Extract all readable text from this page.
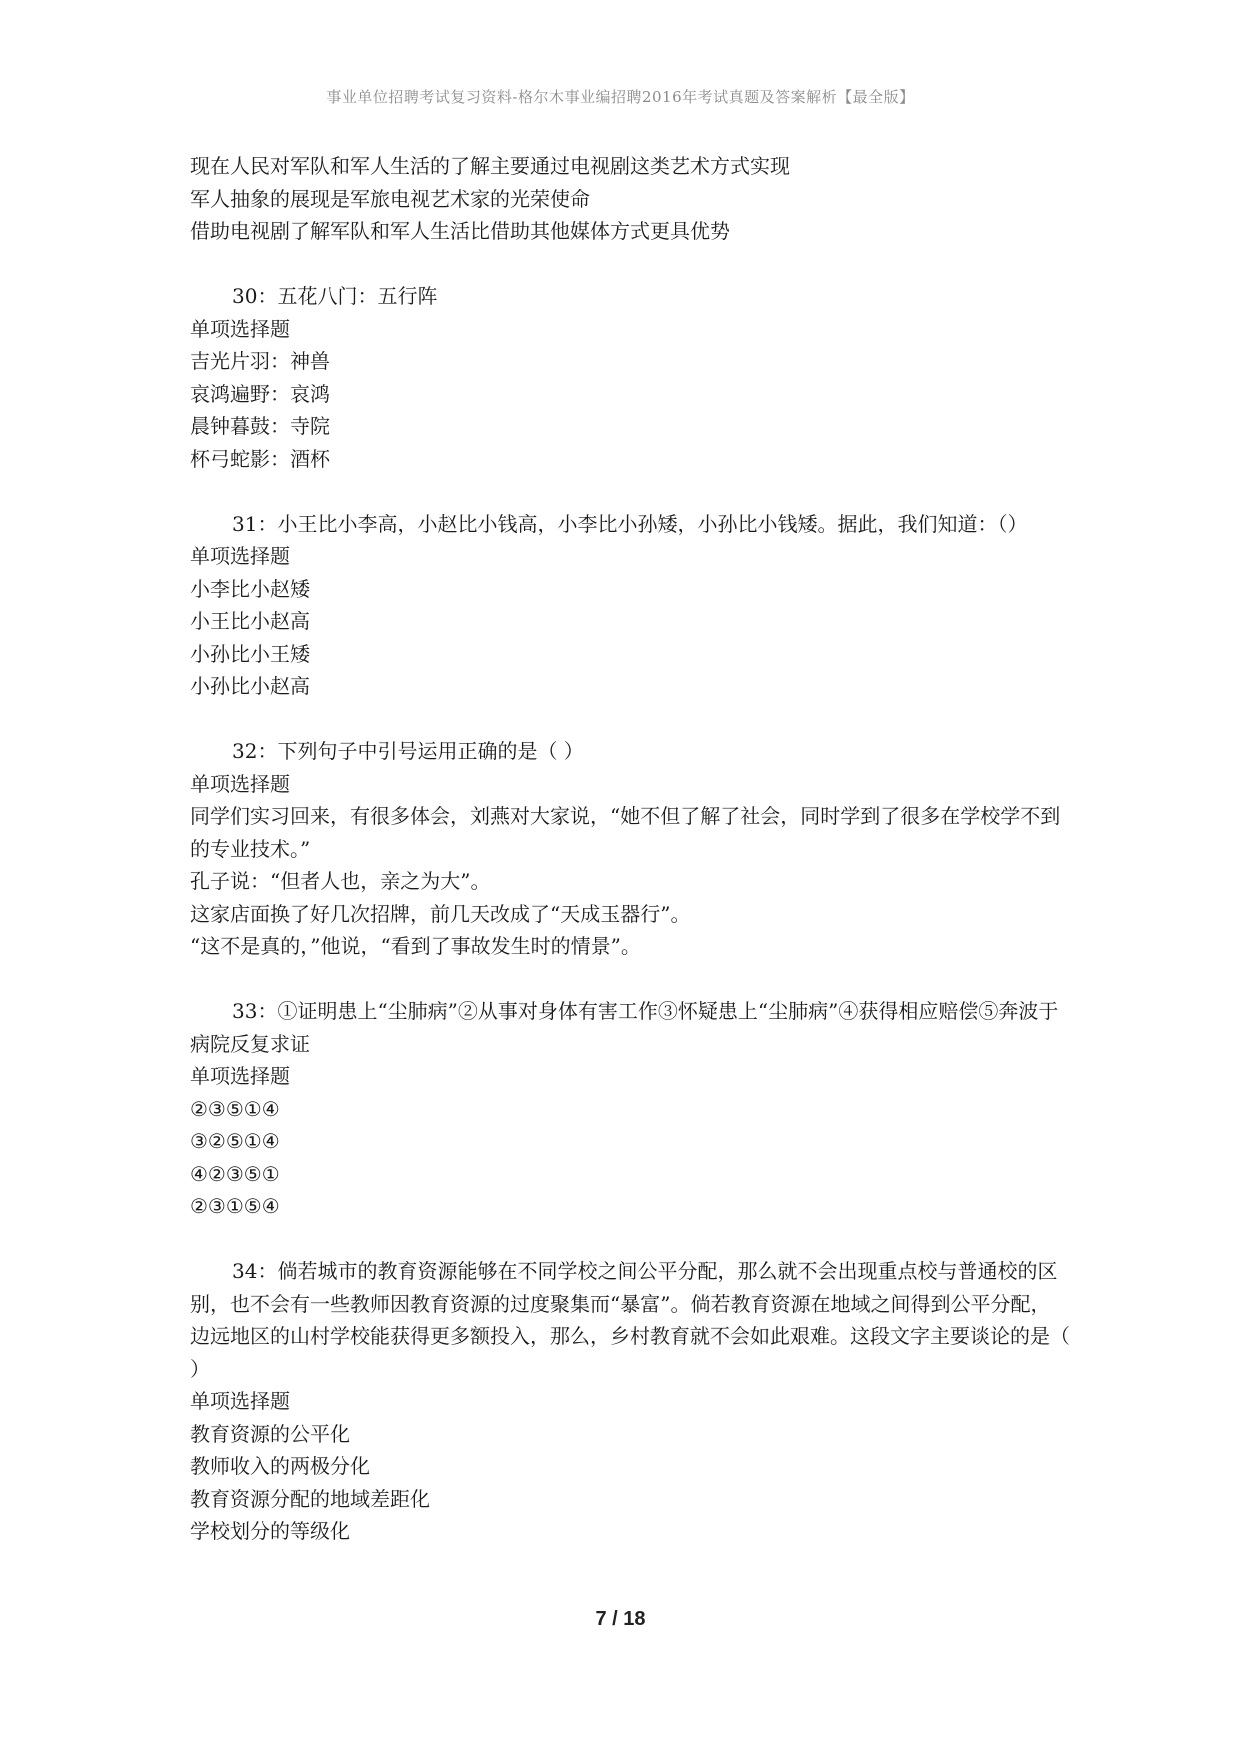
事业单位招聘考试复习资料-格尔木事业编招聘2016年考试真题及答案解析【最全版】
现在人民对军队和军人生活的了解主要通过电视剧这类艺术方式实现
军人抽象的展现是军旅电视艺术家的光荣使命
借助电视剧了解军队和军人生活比借助其他媒体方式更具优势
30：五花八门：五行阵
单项选择题
吉光片羽：神兽
哀鸿遍野：哀鸿
晨钟暮鼓：寺院
杯弓蛇影：酒杯
31：小王比小李高，小赵比小钱高，小李比小孙矮，小孙比小钱矮。据此，我们知道：（）
单项选择题
小李比小赵矮
小王比小赵高
小孙比小王矮
小孙比小赵高
32：下列句子中引号运用正确的是（ ）
单项选择题
同学们实习回来，有很多体会，刘燕对大家说，“她不但了解了社会，同时学到了很多在学校学不到的专业技术。”
孔子说：“但者人也，亲之为大”。
这家店面换了好几次招牌，前几天改成了“天成玉器行”。
“这不是真的，”他说，“看到了事故发生时的情景”。
33：①证明患上“尘肺病”②从事对身体有害工作③怀疑患上“尘肺病”④获得相应赔偿⑤奔波于病院反复求证
单项选择题
②③⑤①④
③②⑤①④
④②③⑤①
②③①⑤④
34：倘若城市的教育资源能够在不同学校之间公平分配，那么就不会出现重点校与普通校的区别，也不会有一些教师因教育资源的过度聚集而“暴富”。倘若教育资源在地域之间得到公平分配，边远地区的山村学校能获得更多额投入，那么，乡村教育就不会如此艰难。这段文字主要谈论的是（ ）
单项选择题
教育资源的公平化
教师收入的两极分化
教育资源分配的地域差距化
学校划分的等级化
7 / 18
